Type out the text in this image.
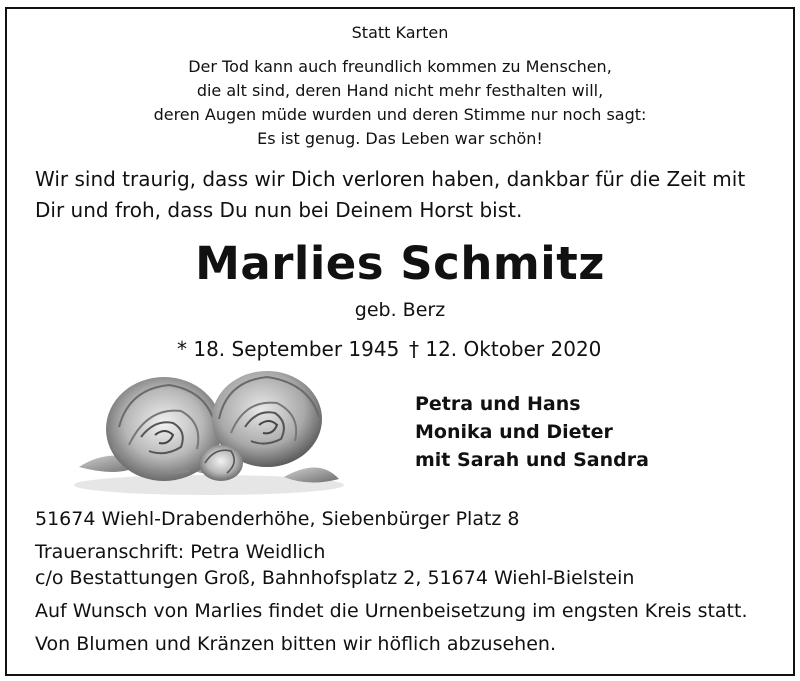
Statt Karten
Der Tod kann auch freundlich kommen zu Menschen,
die alt sind, deren Hand nicht mehr festhalten will,
deren Augen müde wurden und deren Stimme nur noch sagt:
Es ist genug. Das Leben war schön!
Wir sind traurig, dass wir Dich verloren haben, dankbar für die Zeit mit
Dir und froh, dass Du nun bei Deinem Horst bist.
Marlies Schmitz
geb. Berz
* 18. September 1945 † 12. Oktober 2020
Petra und Hans
Monika und Dieter
mit Sarah und Sandra
51674 Wiehl-Drabenderhöhe, Siebenbürger Platz 8
Traueranschrift: Petra Weidlich
c/o Bestattungen Groß, Bahnhofsplatz 2, 51674 Wiehl-Bielstein
Auf Wunsch von Marlies findet die Urnenbeisetzung im engsten Kreis statt.
Von Blumen und Kränzen bitten wir höflich abzusehen.
